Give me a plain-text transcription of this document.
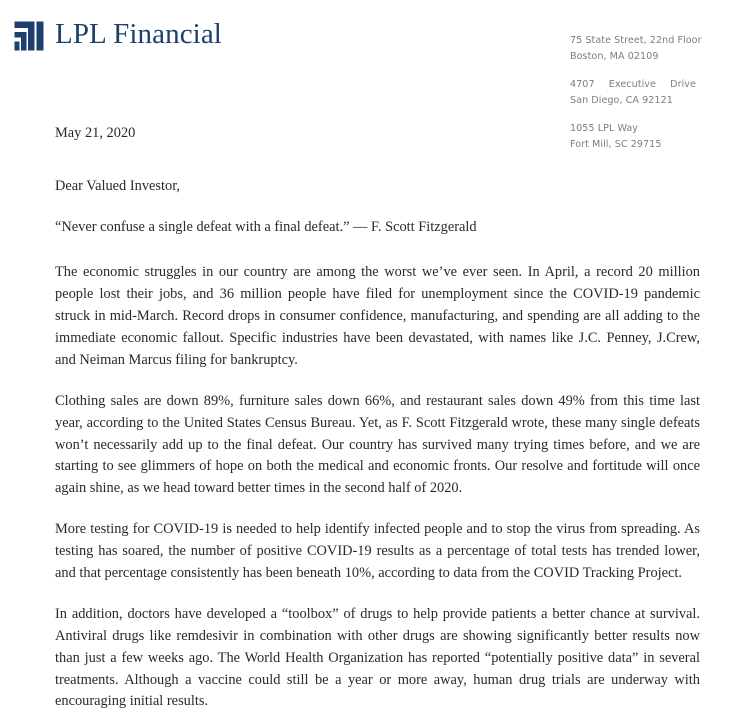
LPL Financial	75 State Street, 22nd Floor
Boston, MA 02109
4707 Executive Drive
San Diego, CA 92121
1055 LPL Way
Fort Mill, SC 29715

May 21, 2020

Dear Valued Investor,

“Never confuse a single defeat with a final defeat.” — F. Scott Fitzgerald

The economic struggles in our country are among the worst we’ve ever seen. In April, a record 20 million people lost their jobs, and 36 million people have filed for unemployment since the COVID-19 pandemic struck in mid-March. Record drops in consumer confidence, manufacturing, and spending are all adding to the immediate economic fallout. Specific industries have been devastated, with names like J.C. Penney, J.Crew, and Neiman Marcus filing for bankruptcy.

Clothing sales are down 89%, furniture sales down 66%, and restaurant sales down 49% from this time last year, according to the United States Census Bureau. Yet, as F. Scott Fitzgerald wrote, these many single defeats won’t necessarily add up to the final defeat. Our country has survived many trying times before, and we are starting to see glimmers of hope on both the medical and economic fronts. Our resolve and fortitude will once again shine, as we head toward better times in the second half of 2020.

More testing for COVID-19 is needed to help identify infected people and to stop the virus from spreading. As testing has soared, the number of positive COVID-19 results as a percentage of total tests has trended lower, and that percentage consistently has been beneath 10%, according to data from the COVID Tracking Project.

In addition, doctors have developed a “toolbox” of drugs to help provide patients a better chance at survival. Antiviral drugs like remdesivir in combination with other drugs are showing significantly better results now than just a few weeks ago. The World Health Organization has reported “potentially positive data” in several treatments. Although a vaccine could still be a year or more away, human drug trials are underway with encouraging initial results.
